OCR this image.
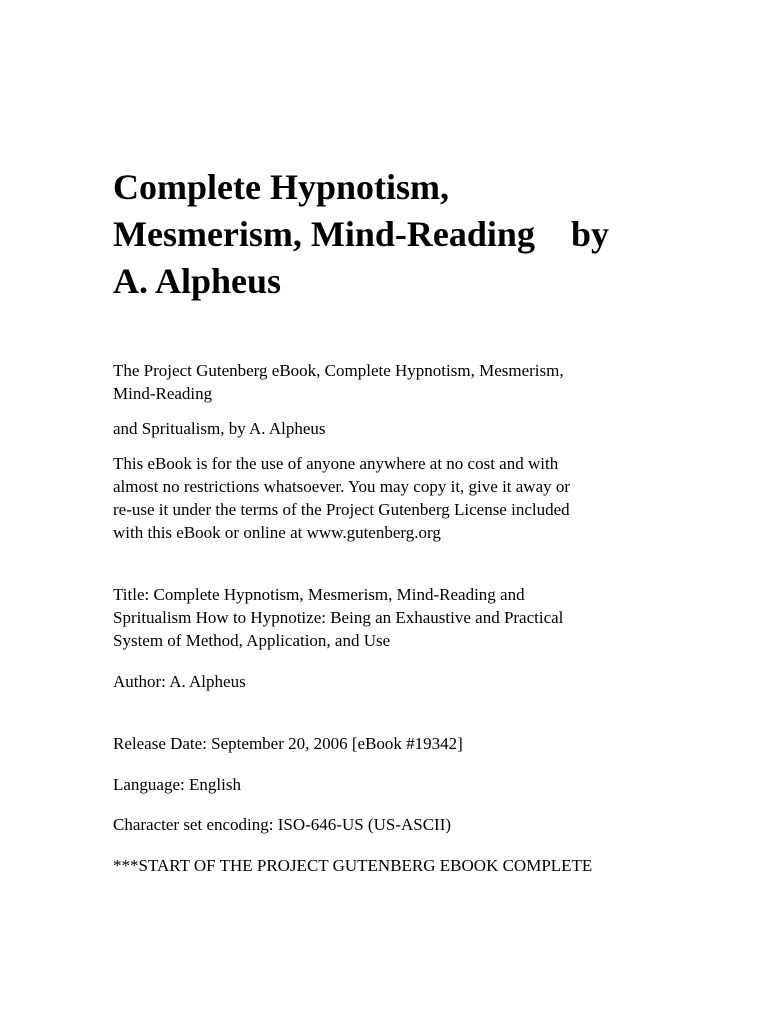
Complete Hypnotism,
Mesmerism, Mind-Reading    by
A. Alpheus

The Project Gutenberg eBook, Complete Hypnotism, Mesmerism,
Mind-Reading

and Spritualism, by A. Alpheus

This eBook is for the use of anyone anywhere at no cost and with
almost no restrictions whatsoever. You may copy it, give it away or
re-use it under the terms of the Project Gutenberg License included
with this eBook or online at www.gutenberg.org

Title: Complete Hypnotism, Mesmerism, Mind-Reading and
Spritualism How to Hypnotize: Being an Exhaustive and Practical
System of Method, Application, and Use

Author: A. Alpheus

Release Date: September 20, 2006 [eBook #19342]

Language: English

Character set encoding: ISO-646-US (US-ASCII)

***START OF THE PROJECT GUTENBERG EBOOK COMPLETE
